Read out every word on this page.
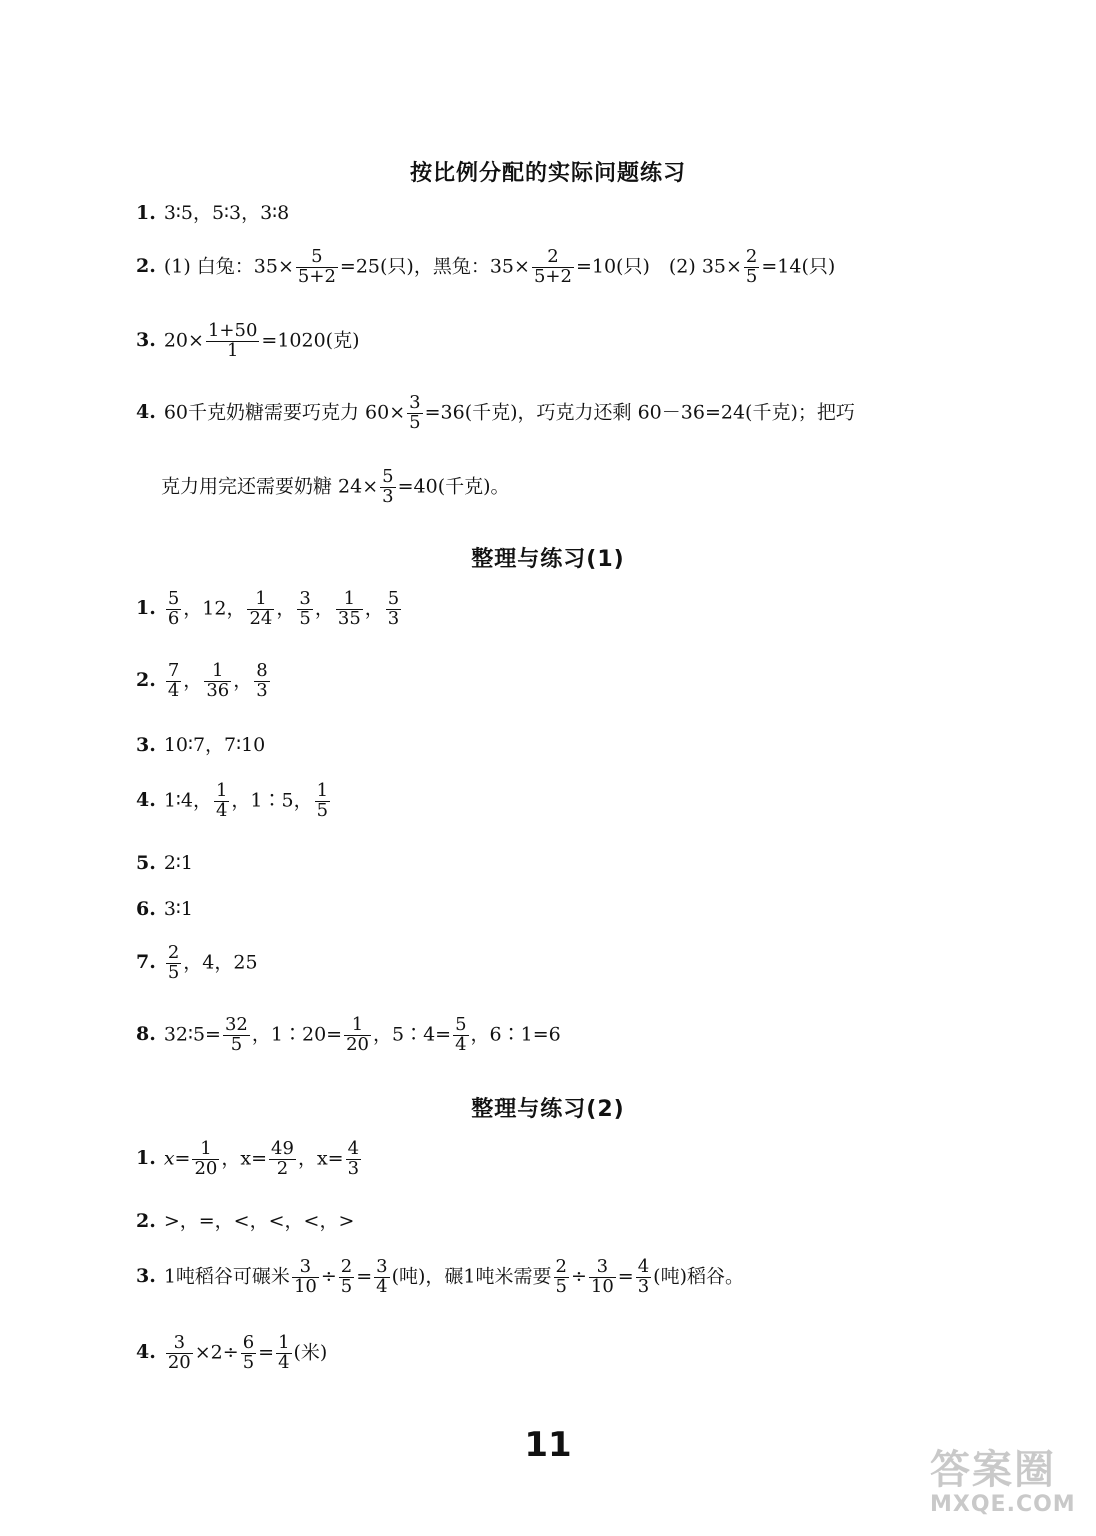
按比例分配的实际问题练习
1. 3∶5，5∶3，3∶8
2. (1) 白兔：$35\times \frac{5}{5+2} =25$(只)，黑兔：$35\times \frac{2}{5+2} =10$(只)　(2) $35\times \frac{2}{5} =14$(只)
3. $20\times \frac{1+50}{1} =1020$(克)
4. 60千克奶糖需要巧克力 $60\times \frac{3}{5} =36$(千克)，巧克力还剩 60－36=24(千克)；把巧
克力用完还需要奶糖 $24\times \frac{5}{3} =40$(千克)。
整理与练习(1)
1. $\frac{5}{6}$ ，12， $\frac{1}{24}$ ， $\frac{3}{5}$ ， $\frac{1}{35}$ ， $\frac{5}{3}$
2. $\frac{7}{4}$ ， $\frac{1}{36}$ ， $\frac{8}{3}$
3. 10∶7，7∶10
4. 1∶4， $\frac{1}{4}$ ，1∶5， $\frac{1}{5}$
5. 2∶1
6. 3∶1
7. $\frac{2}{5}$ ，4，25
8. 32∶5= $\frac{32}{5}$ ，1∶20= $\frac{1}{20}$ ，5∶4= $\frac{5}{4}$ ，6∶1=6
整理与练习(2)
1. $x= \frac{1}{20}$ ，$x= \frac{49}{2}$ ，$x= \frac{4}{3}$
2. >，=，<，<，<，>
3. 1吨稻谷可碾米 $\frac{3}{10} \div \frac{2}{5} = \frac{3}{4}$ (吨)，碾1吨米需要 $\frac{2}{5} \div \frac{3}{10} = \frac{4}{3}$ (吨)稻谷。
4. $\frac{3}{20} \times 2\div \frac{6}{5} = \frac{1}{4}$ (米)
11
答案圈
MXQE.COM
